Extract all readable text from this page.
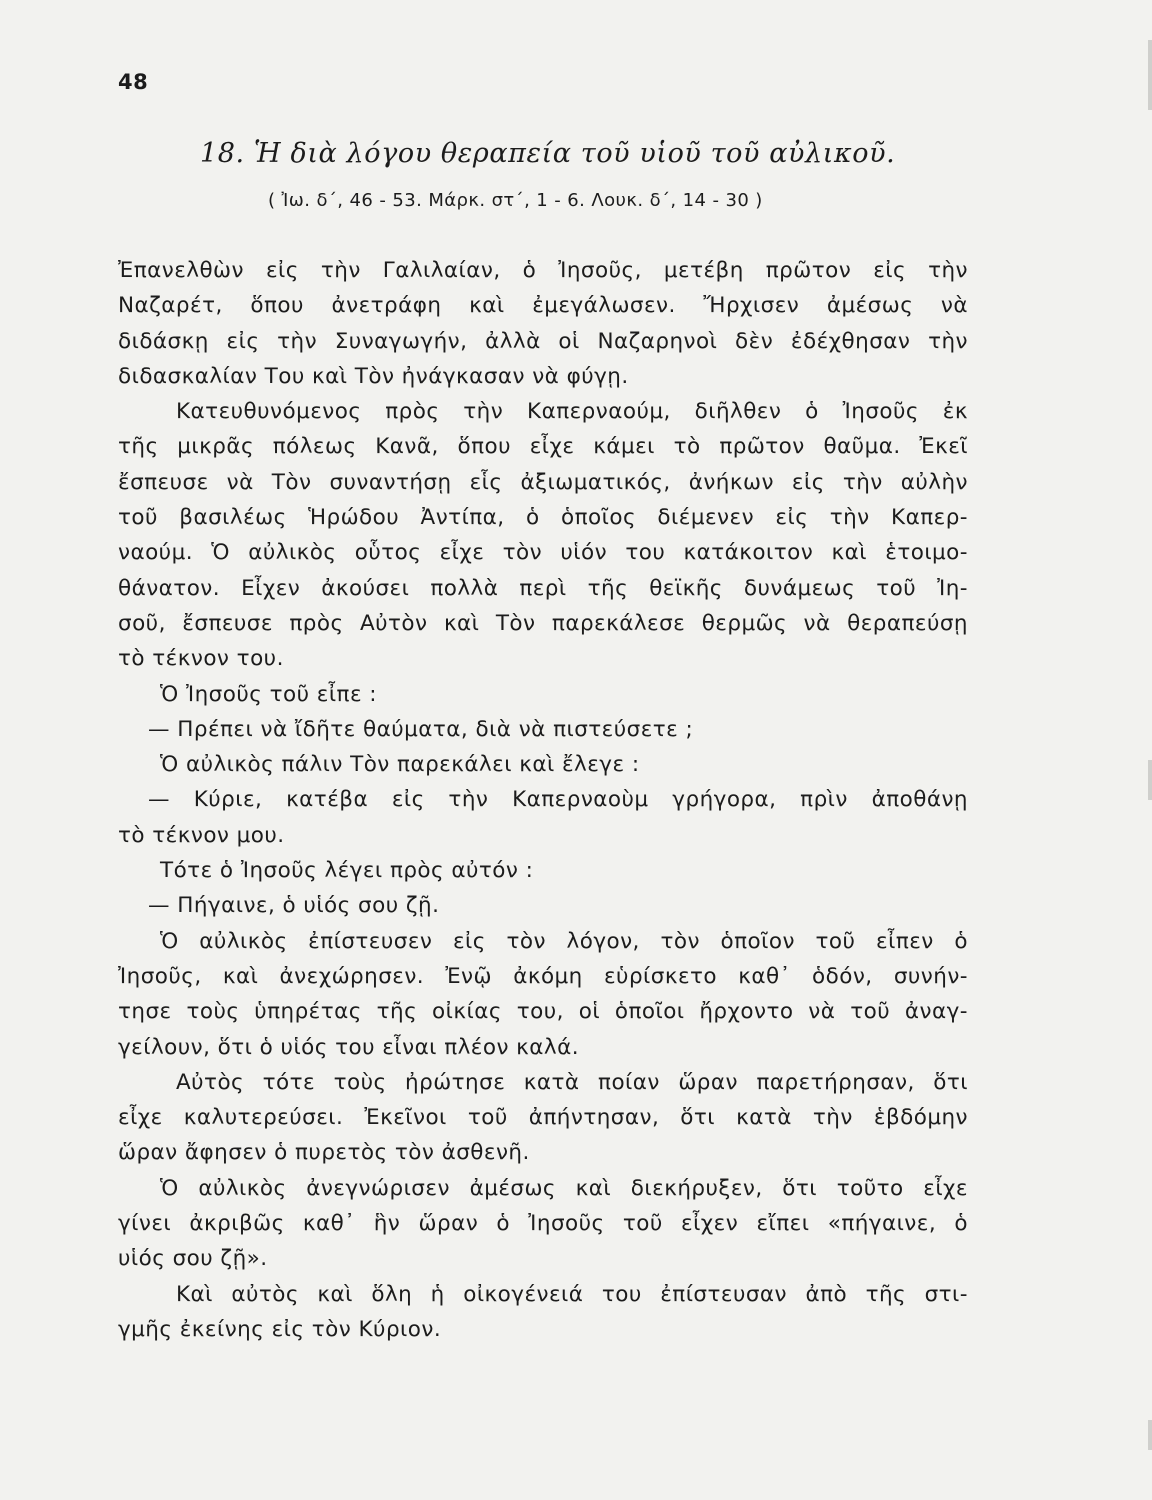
48
18. Ἡ διὰ λόγου θεραπεία τοῦ υἱοῦ τοῦ αὐλικοῦ.
( Ἰω. δ΄, 46 - 53. Μάρκ. στ΄, 1 - 6. Λουκ. δ΄, 14 - 30 )
Ἐπανελθὼν εἰς τὴν Γαλιλαίαν, ὁ Ἰησοῦς, μετέβη πρῶτον εἰς τὴν
Ναζαρέτ, ὅπου ἀνετράφη καὶ ἐμεγάλωσεν. Ἤρχισεν ἀμέσως νὰ
διδάσκῃ εἰς τὴν Συναγωγήν, ἀλλὰ οἱ Ναζαρηνοὶ δὲν ἐδέχθησαν τὴν
διδασκαλίαν Του καὶ Τὸν ἠνάγκασαν νὰ φύγῃ.
Κατευθυνόμενος πρὸς τὴν Καπερναούμ, διῆλθεν ὁ Ἰησοῦς ἐκ
τῆς μικρᾶς πόλεως Κανᾶ, ὅπου εἶχε κάμει τὸ πρῶτον θαῦμα. Ἐκεῖ
ἔσπευσε νὰ Τὸν συναντήσῃ εἷς ἀξιωματικός, ἀνήκων εἰς τὴν αὐλὴν
τοῦ βασιλέως Ἡρώδου Ἀντίπα, ὁ ὁποῖος διέμενεν εἰς τὴν Καπερ-
ναούμ. Ὁ αὐλικὸς οὗτος εἶχε τὸν υἱόν του κατάκοιτον καὶ ἑτοιμο-
θάνατον. Εἶχεν ἀκούσει πολλὰ περὶ τῆς θεϊκῆς δυνάμεως τοῦ Ἰη-
σοῦ, ἔσπευσε πρὸς Αὐτὸν καὶ Τὸν παρεκάλεσε θερμῶς νὰ θεραπεύσῃ
τὸ τέκνον του.
Ὁ Ἰησοῦς τοῦ εἶπε :
— Πρέπει νὰ ἴδῆτε θαύματα, διὰ νὰ πιστεύσετε ;
Ὁ αὐλικὸς πάλιν Τὸν παρεκάλει καὶ ἔλεγε :
— Κύριε, κατέβα εἰς τὴν Καπερναοὺμ γρήγορα, πρὶν ἀποθάνῃ
τὸ τέκνον μου.
Τότε ὁ Ἰησοῦς λέγει πρὸς αὐτόν :
— Πήγαινε, ὁ υἱός σου ζῇ.
Ὁ αὐλικὸς ἐπίστευσεν εἰς τὸν λόγον, τὸν ὁποῖον τοῦ εἶπεν ὁ
Ἰησοῦς, καὶ ἀνεχώρησεν. Ἐνῷ ἀκόμη εὑρίσκετο καθ᾽ ὁδόν, συνήν-
τησε τοὺς ὑπηρέτας τῆς οἰκίας του, οἱ ὁποῖοι ἤρχοντο νὰ τοῦ ἀναγ-
γείλουν, ὅτι ὁ υἱός του εἶναι πλέον καλά.
Αὐτὸς τότε τοὺς ἠρώτησε κατὰ ποίαν ὥραν παρετήρησαν, ὅτι
εἶχε καλυτερεύσει. Ἐκεῖνοι τοῦ ἀπήντησαν, ὅτι κατὰ τὴν ἑβδόμην
ὥραν ἄφησεν ὁ πυρετὸς τὸν ἀσθενῆ.
Ὁ αὐλικὸς ἀνεγνώρισεν ἀμέσως καὶ διεκήρυξεν, ὅτι τοῦτο εἶχε
γίνει ἀκριβῶς καθ᾽ ἣν ὥραν ὁ Ἰησοῦς τοῦ εἶχεν εἴπει «πήγαινε, ὁ
υἱός σου ζῇ».
Καὶ αὐτὸς καὶ ὅλη ἡ οἰκογένειά του ἐπίστευσαν ἀπὸ τῆς στι-
γμῆς ἐκείνης εἰς τὸν Κύριον.
